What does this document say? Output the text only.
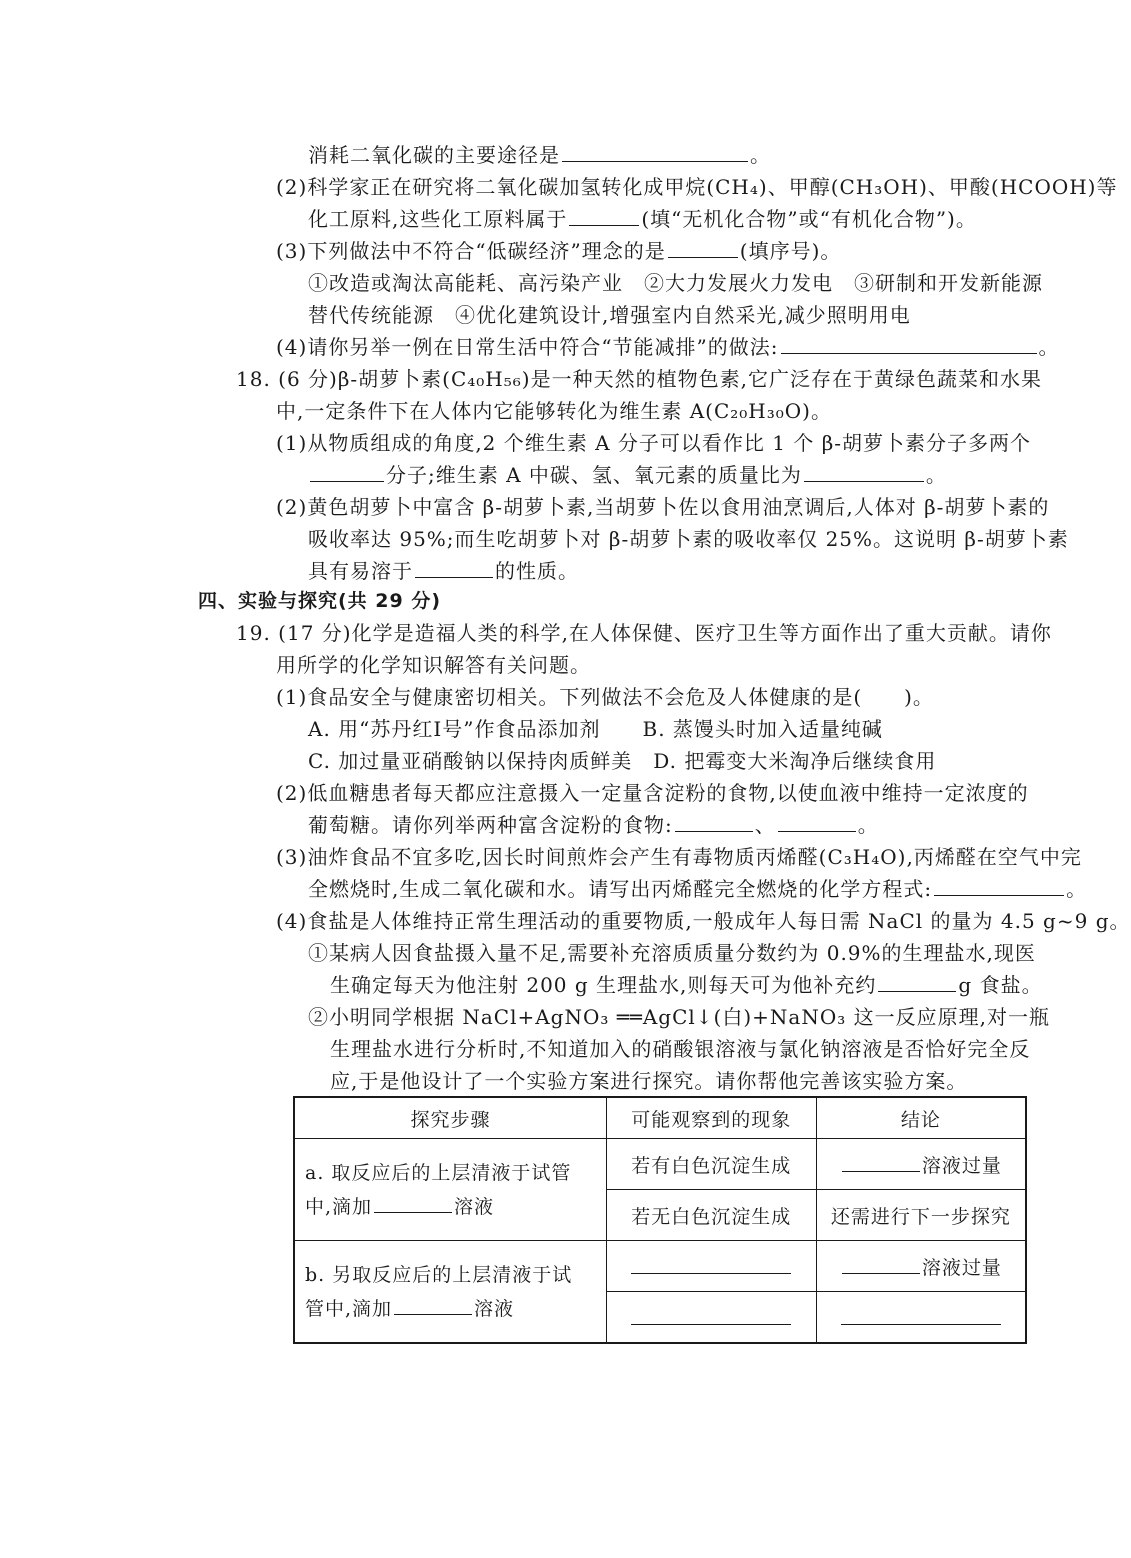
消耗二氧化碳的主要途径是	。
(2)科学家正在研究将二氧化碳加氢转化成甲烷(CH₄)、甲醇(CH₃OH)、甲酸(HCOOH)等
化工原料,这些化工原料属于	(填“无机化合物”或“有机化合物”)。
(3)下列做法中不符合“低碳经济”理念的是	(填序号)。
①改造或淘汰高能耗、高污染产业　②大力发展火力发电　③研制和开发新能源
替代传统能源　④优化建筑设计,增强室内自然采光,减少照明用电
(4)请你另举一例在日常生活中符合“节能减排”的做法:	。
18. (6 分)β-胡萝卜素(C₄₀H₅₆)是一种天然的植物色素,它广泛存在于黄绿色蔬菜和水果
中,一定条件下在人体内它能够转化为维生素 A(C₂₀H₃₀O)。
(1)从物质组成的角度,2 个维生素 A 分子可以看作比 1 个 β-胡萝卜素分子多两个
分子;维生素 A 中碳、氢、氧元素的质量比为	。
(2)黄色胡萝卜中富含 β-胡萝卜素,当胡萝卜佐以食用油烹调后,人体对 β-胡萝卜素的
吸收率达 95%;而生吃胡萝卜对 β-胡萝卜素的吸收率仅 25%。这说明 β-胡萝卜素
具有易溶于	的性质。
四、实验与探究(共 29 分)
19. (17 分)化学是造福人类的科学,在人体保健、医疗卫生等方面作出了重大贡献。请你
用所学的化学知识解答有关问题。
(1)食品安全与健康密切相关。下列做法不会危及人体健康的是(　　)。
A. 用“苏丹红Ⅰ号”作食品添加剂　　B. 蒸馒头时加入适量纯碱
C. 加过量亚硝酸钠以保持肉质鲜美　D. 把霉变大米淘净后继续食用
(2)低血糖患者每天都应注意摄入一定量含淀粉的食物,以使血液中维持一定浓度的
葡萄糖。请你列举两种富含淀粉的食物:	、	。
(3)油炸食品不宜多吃,因长时间煎炸会产生有毒物质丙烯醛(C₃H₄O),丙烯醛在空气中完
全燃烧时,生成二氧化碳和水。请写出丙烯醛完全燃烧的化学方程式:	。
(4)食盐是人体维持正常生理活动的重要物质,一般成年人每日需 NaCl 的量为 4.5 g~9 g。
①某病人因食盐摄入量不足,需要补充溶质质量分数约为 0.9%的生理盐水,现医
生确定每天为他注射 200 g 生理盐水,则每天可为他补充约	g 食盐。
②小明同学根据 NaCl+AgNO₃ ══AgCl↓(白)+NaNO₃ 这一反应原理,对一瓶
生理盐水进行分析时,不知道加入的硝酸银溶液与氯化钠溶液是否恰好完全反
应,于是他设计了一个实验方案进行探究。请你帮他完善该实验方案。
探究步骤	可能观察到的现象	结论

a. 取反应后的上层清液于试管
中,滴加 溶液	若有白色沉淀生成	溶液过量
	若无白色沉淀生成	还需进行下一步探究

b. 另取反应后的上层清液于试
管中,滴加 溶液		溶液过量
